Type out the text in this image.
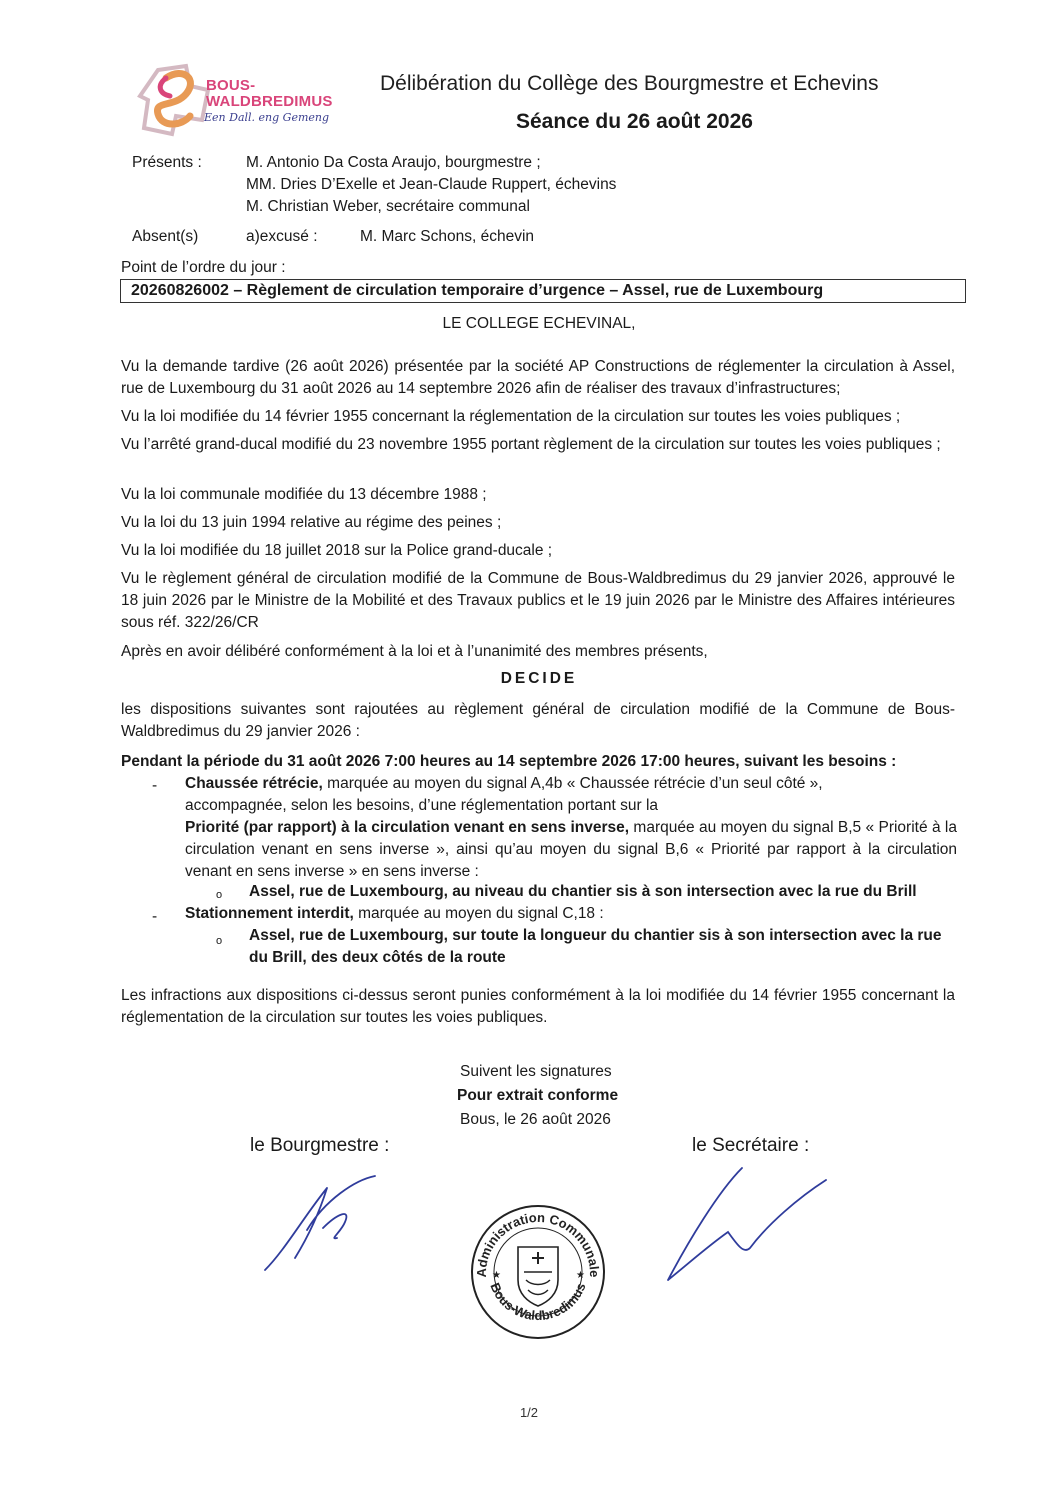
BOUS-
WALDBREDIMUS
Een Dall. eng Gemeng
Délibération du Collège des Bourgmestre et Echevins
Séance du 26 août 2026
Présents :	M. Antonio Da Costa Araujo, bourgmestre ;
MM. Dries D’Exelle et Jean-Claude Ruppert, échevins
M. Christian Weber, secrétaire communal
Absent(s)	a)excusé :	M. Marc Schons, échevin
Point de l’ordre du jour :
20260826002 – Règlement de circulation temporaire d’urgence – Assel, rue de Luxembourg
LE COLLEGE ECHEVINAL,
Vu la demande tardive (26 août 2026) présentée par la société AP Constructions de réglementer la circulation à Assel, rue de Luxembourg du 31 août 2026 au 14 septembre 2026 afin de réaliser des travaux d’infrastructures;
Vu la loi modifiée du 14 février 1955 concernant la réglementation de la circulation sur toutes les voies publiques ;
Vu l’arrêté grand-ducal modifié du 23 novembre 1955 portant règlement de la circulation sur toutes les voies publiques ;
Vu la loi communale modifiée du 13 décembre 1988 ;
Vu la loi du 13 juin 1994 relative au régime des peines ;
Vu la loi modifiée du 18 juillet 2018 sur la Police grand-ducale ;
Vu le règlement général de circulation modifié de la Commune de Bous-Waldbredimus du 29 janvier 2026, approuvé le 18 juin 2026 par le Ministre de la Mobilité et des Travaux publics et le 19 juin 2026 par le Ministre des Affaires intérieures sous réf. 322/26/CR
Après en avoir délibéré conformément à la loi et à l’unanimité des membres présents,
DECIDE
les dispositions suivantes sont rajoutées au règlement général de circulation modifié de la Commune de Bous-Waldbredimus du 29 janvier 2026 :
Pendant la période du 31 août 2026 7:00 heures au 14 septembre 2026 17:00 heures, suivant les besoins :
- Chaussée rétrécie, marquée au moyen du signal A,4b « Chaussée rétrécie d’un seul côté », accompagnée, selon les besoins, d’une réglementation portant sur la
Priorité (par rapport) à la circulation venant en sens inverse, marquée au moyen du signal B,5 « Priorité à la circulation venant en sens inverse », ainsi qu’au moyen du signal B,6 « Priorité par rapport à la circulation venant en sens inverse » en sens inverse :
o Assel, rue de Luxembourg, au niveau du chantier sis à son intersection avec la rue du Brill
- Stationnement interdit, marquée au moyen du signal C,18 :
o Assel, rue de Luxembourg, sur toute la longueur du chantier sis à son intersection avec la rue du Brill, des deux côtés de la route
Les infractions aux dispositions ci-dessus seront punies conformément à la loi modifiée du 14 février 1955 concernant la réglementation de la circulation sur toutes les voies publiques.
Suivent les signatures
Pour extrait conforme
Bous, le 26 août 2026
le Bourgmestre :	le Secrétaire :
Administration Communale
Bous-Waldbredimus
★	★
1/2
